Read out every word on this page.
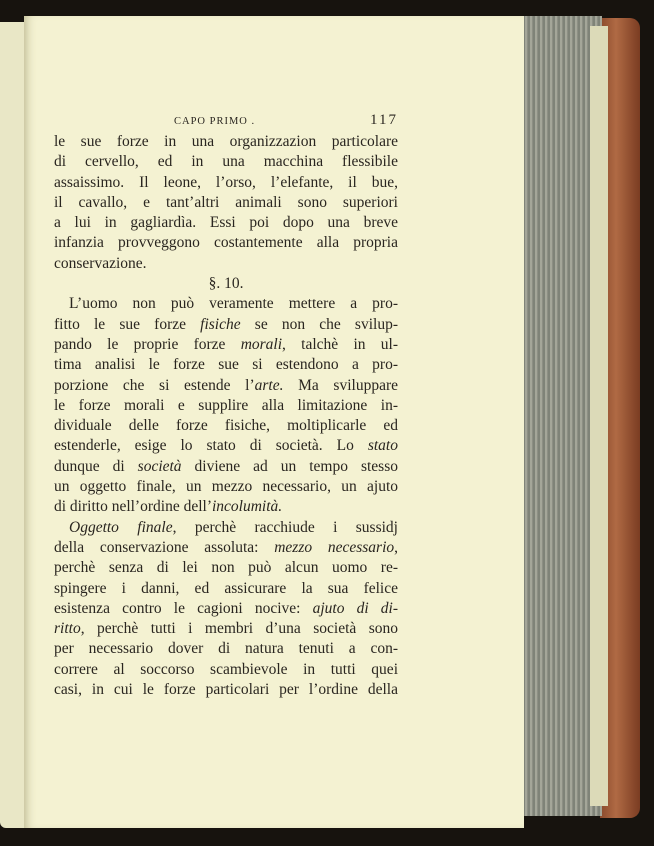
CAPO PRIMO .	117
le sue forze in una organizzazion particolare
di cervello, ed in una macchina flessibile
assaissimo. Il leone, l’orso, l’elefante, il bue,
il cavallo, e tant’altri animali sono superiori
a lui in gagliardìa. Essi poi dopo una breve
infanzia provveggono costantemente alla propria
conservazione.
§. 10.
L’uomo non può veramente mettere a pro-
fitto le sue forze fisiche se non che svilup-
pando le proprie forze morali, talchè in ul-
tima analisi le forze sue si estendono a pro-
porzione che si estende l’arte. Ma sviluppare
le forze morali e supplire alla limitazione in-
dividuale delle forze fisiche, moltiplicarle ed
estenderle, esige lo stato di società. Lo stato
dunque di società diviene ad un tempo stesso
un oggetto finale, un mezzo necessario, un ajuto
di diritto nell’ordine dell’incolumità.
Oggetto finale, perchè racchiude i sussidj
della conservazione assoluta: mezzo necessario,
perchè senza di lei non può alcun uomo re-
spingere i danni, ed assicurare la sua felice
esistenza contro le cagioni nocive: ajuto di di-
ritto, perchè tutti i membri d’una società sono
per necessario dover di natura tenuti a con-
correre al soccorso scambievole in tutti quei
casi, in cui le forze particolari per l’ordine della
